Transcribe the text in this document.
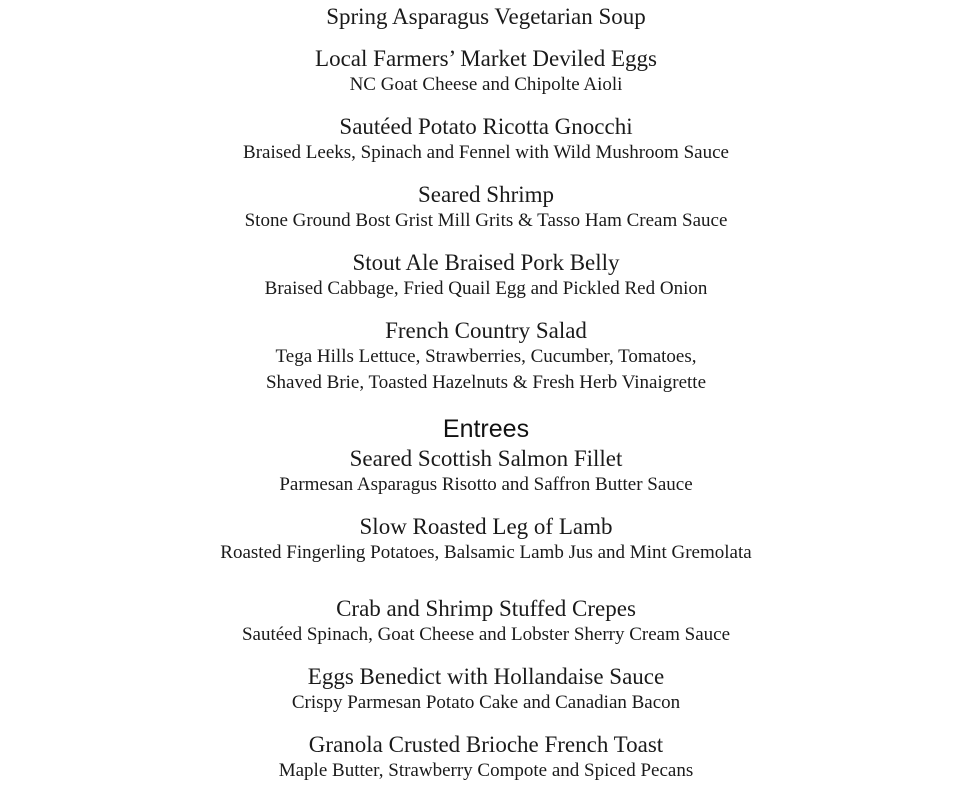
Spring Asparagus Vegetarian Soup

Local Farmers’ Market Deviled Eggs

NC Goat Cheese and Chipolte Aioli

Sautéed Potato Ricotta Gnocchi

Braised Leeks, Spinach and Fennel with Wild Mushroom Sauce

Seared Shrimp

Stone Ground Bost Grist Mill Grits & Tasso Ham Cream Sauce

Stout Ale Braised Pork Belly

Braised Cabbage, Fried Quail Egg and Pickled Red Onion

French Country Salad

Tega Hills Lettuce, Strawberries, Cucumber, Tomatoes,

Shaved Brie, Toasted Hazelnuts & Fresh Herb Vinaigrette

Entrees

Seared Scottish Salmon Fillet

Parmesan Asparagus Risotto and Saffron Butter Sauce

Slow Roasted Leg of Lamb

Roasted Fingerling Potatoes, Balsamic Lamb Jus and Mint Gremolata

Crab and Shrimp Stuffed Crepes

Sautéed Spinach, Goat Cheese and Lobster Sherry Cream Sauce

Eggs Benedict with Hollandaise Sauce

Crispy Parmesan Potato Cake and Canadian Bacon

Granola Crusted Brioche French Toast

Maple Butter, Strawberry Compote and Spiced Pecans
